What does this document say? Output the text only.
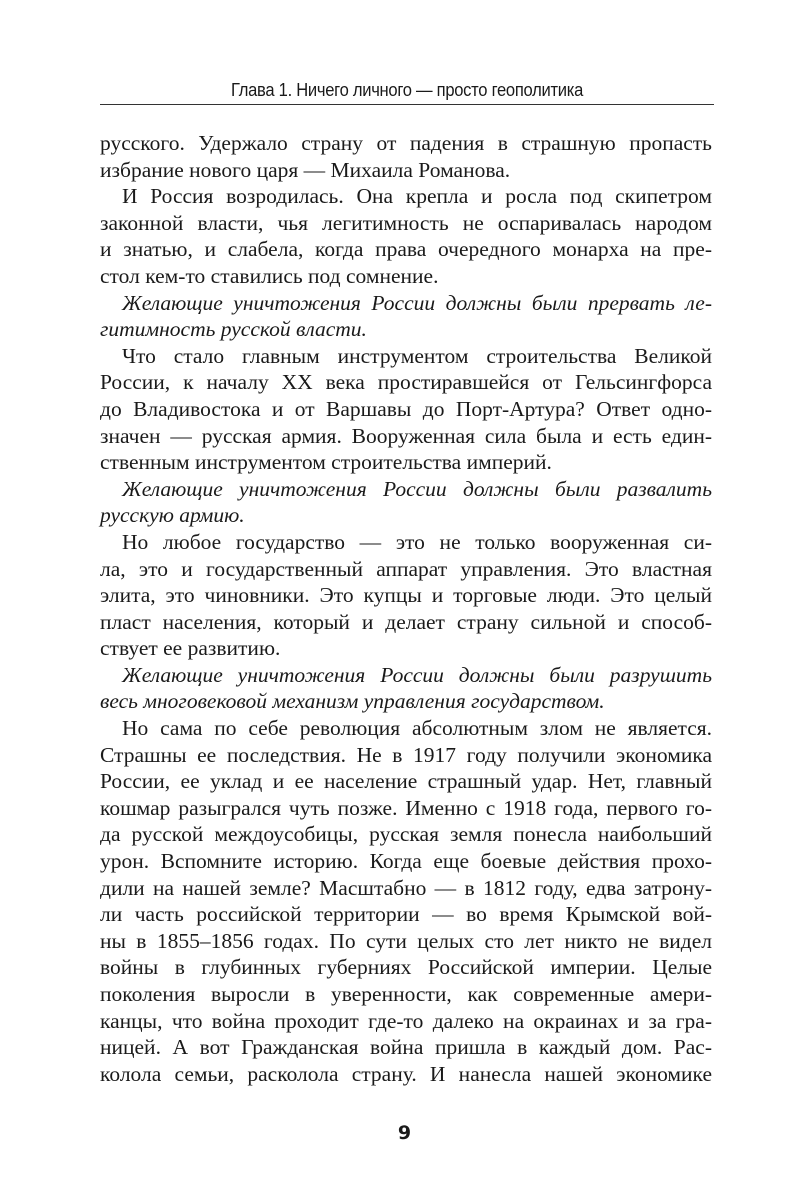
Глава 1. Ничего личного — просто геополитика
русского. Удержало страну от падения в страшную пропасть
избрание нового царя — Михаила Романова.
И Россия возродилась. Она крепла и росла под скипетром
законной власти, чья легитимность не оспаривалась народом
и знатью, и слабела, когда права очередного монарха на пре-
стол кем-то ставились под сомнение.
Желающие уничтожения России должны были прервать ле-
гитимность русской власти.
Что стало главным инструментом строительства Великой
России, к началу XX века простиравшейся от Гельсингфорса
до Владивостока и от Варшавы до Порт-Артура? Ответ одно-
значен — русская армия. Вооруженная сила была и есть един-
ственным инструментом строительства империй.
Желающие уничтожения России должны были развалить
русскую армию.
Но любое государство — это не только вооруженная си-
ла, это и государственный аппарат управления. Это властная
элита, это чиновники. Это купцы и торговые люди. Это целый
пласт населения, который и делает страну сильной и способ-
ствует ее развитию.
Желающие уничтожения России должны были разрушить
весь многовековой механизм управления государством.
Но сама по себе революция абсолютным злом не является.
Страшны ее последствия. Не в 1917 году получили экономика
России, ее уклад и ее население страшный удар. Нет, главный
кошмар разыгрался чуть позже. Именно с 1918 года, первого го-
да русской междоусобицы, русская земля понесла наибольший
урон. Вспомните историю. Когда еще боевые действия прохо-
дили на нашей земле? Масштабно — в 1812 году, едва затрону-
ли часть российской территории — во время Крымской вой-
ны в 1855–1856 годах. По сути целых сто лет никто не видел
войны в глубинных губерниях Российской империи. Целые
поколения выросли в уверенности, как современные амери-
канцы, что война проходит где-то далеко на окраинах и за гра-
ницей. А вот Гражданская война пришла в каждый дом. Рас-
колола семьи, расколола страну. И нанесла нашей экономике
9
